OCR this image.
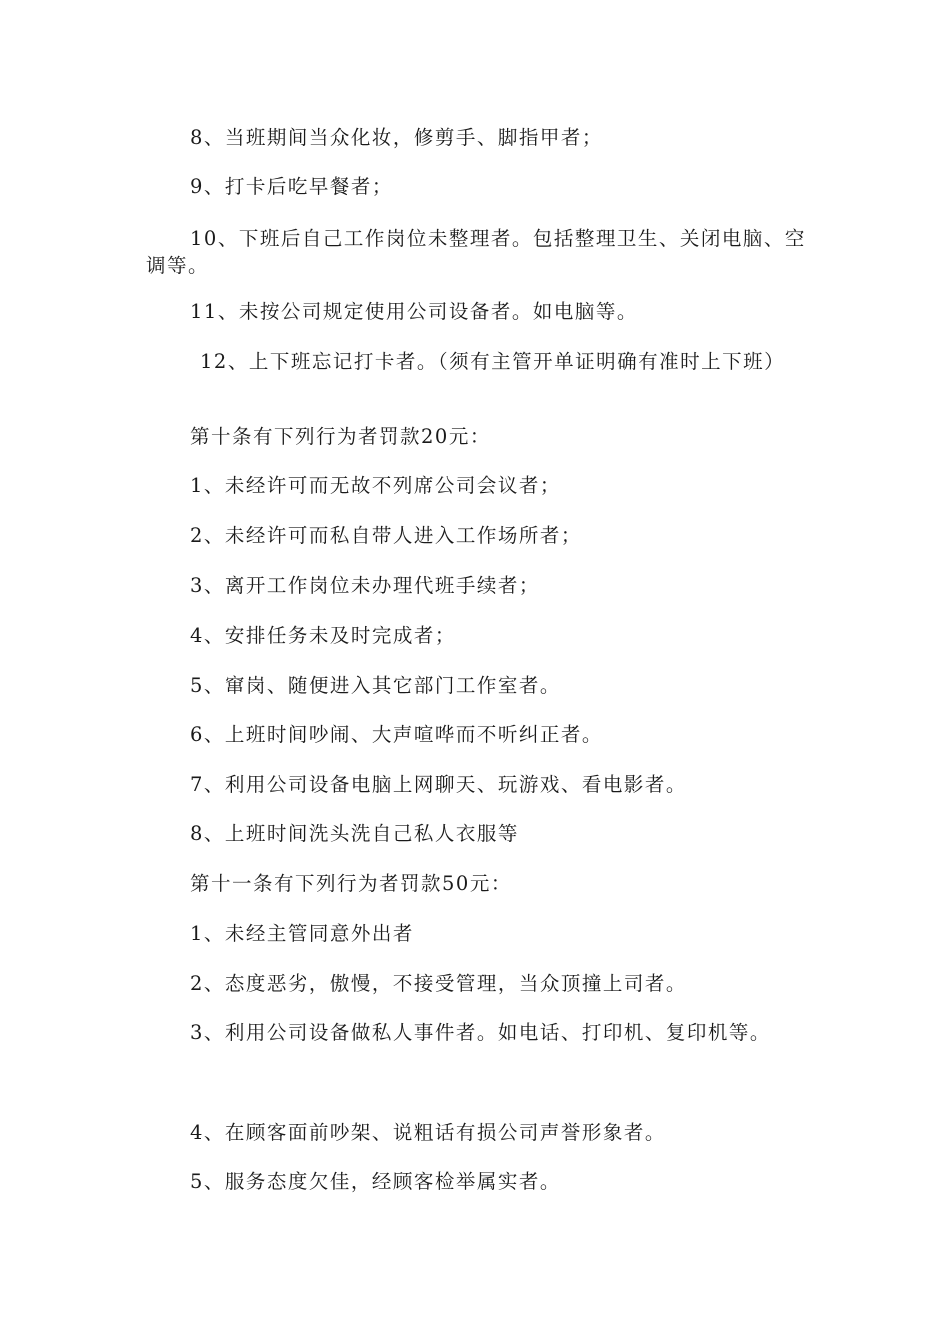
8、当班期间当众化妆，修剪手、脚指甲者；
9、打卡后吃早餐者；
10、下班后自己工作岗位未整理者。包括整理卫生、关闭电脑、空调等。
11、未按公司规定使用公司设备者。如电脑等。
12、上下班忘记打卡者。（须有主管开单证明确有准时上下班）
第十条有下列行为者罚款20元：
1、未经许可而无故不列席公司会议者；
2、未经许可而私自带人进入工作场所者；
3、离开工作岗位未办理代班手续者；
4、安排任务未及时完成者；
5、窜岗、随便进入其它部门工作室者。
6、上班时间吵闹、大声喧哗而不听纠正者。
7、利用公司设备电脑上网聊天、玩游戏、看电影者。
8、上班时间洗头洗自己私人衣服等
第十一条有下列行为者罚款50元：
1、未经主管同意外出者
2、态度恶劣，傲慢，不接受管理，当众顶撞上司者。
3、利用公司设备做私人事件者。如电话、打印机、复印机等。
4、在顾客面前吵架、说粗话有损公司声誉形象者。
5、服务态度欠佳，经顾客检举属实者。
